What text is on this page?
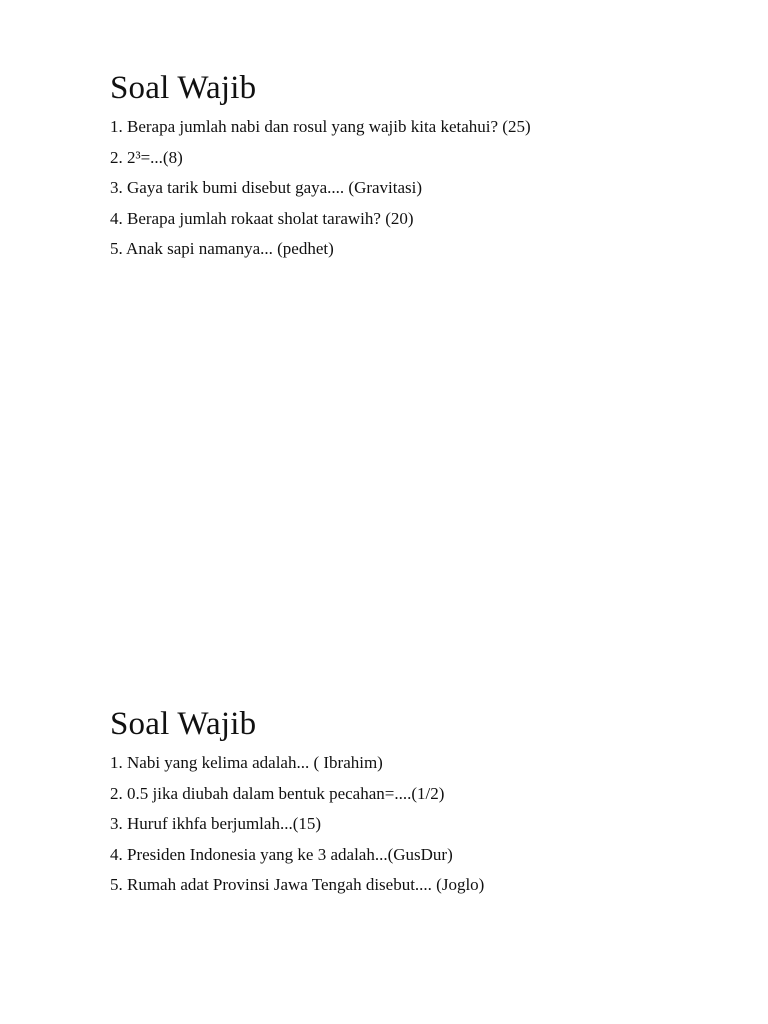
Soal Wajib
1. Berapa jumlah nabi dan rosul yang wajib kita ketahui? (25)
2. 2³=...(8)
3. Gaya tarik bumi disebut gaya.... (Gravitasi)
4. Berapa jumlah rokaat sholat tarawih? (20)
5. Anak sapi namanya... (pedhet)
Soal Wajib
1. Nabi yang kelima adalah... ( Ibrahim)
2. 0.5 jika diubah dalam bentuk pecahan=....(1/2)
3. Huruf ikhfa berjumlah...(15)
4. Presiden Indonesia yang ke 3 adalah...(GusDur)
5. Rumah adat Provinsi Jawa Tengah disebut.... (Joglo)
